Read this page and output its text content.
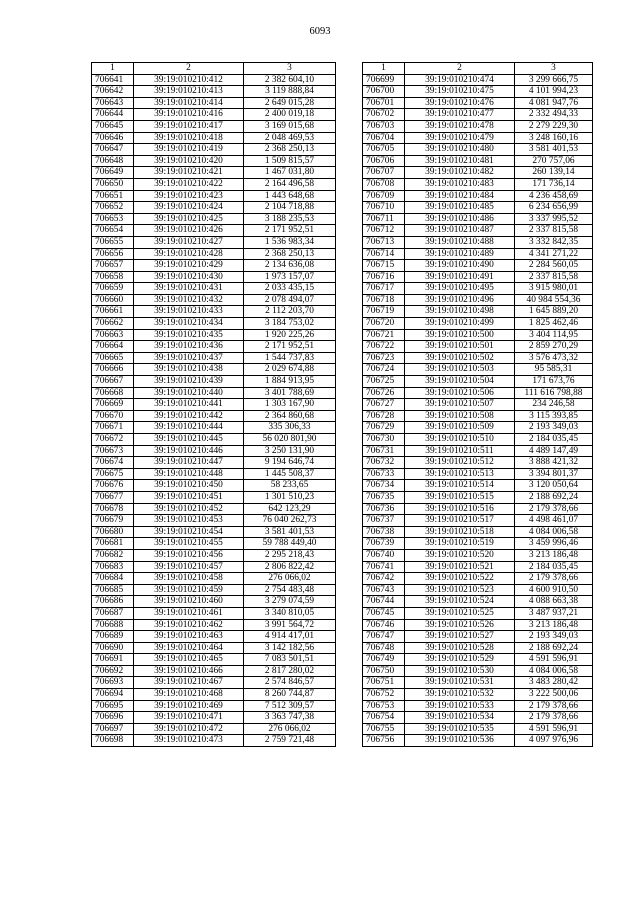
6093
1	2	3
706641	39:19:010210:412	2 382 604,10
706642	39:19:010210:413	3 119 888,84
706643	39:19:010210:414	2 649 015,28
706644	39:19:010210:416	2 400 019,18
706645	39:19:010210:417	3 169 015,68
706646	39:19:010210:418	2 048 469,53
706647	39:19:010210:419	2 368 250,13
706648	39:19:010210:420	1 509 815,57
706649	39:19:010210:421	1 467 031,80
706650	39:19:010210:422	2 164 496,58
706651	39:19:010210:423	1 443 648,68
706652	39:19:010210:424	2 104 718,88
706653	39:19:010210:425	3 188 235,53
706654	39:19:010210:426	2 171 952,51
706655	39:19:010210:427	1 536 983,34
706656	39:19:010210:428	2 368 250,13
706657	39:19:010210:429	2 134 636,08
706658	39:19:010210:430	1 973 157,07
706659	39:19:010210:431	2 033 435,15
706660	39:19:010210:432	2 078 494,07
706661	39:19:010210:433	2 112 203,70
706662	39:19:010210:434	3 184 753,02
706663	39:19:010210:435	1 920 225,26
706664	39:19:010210:436	2 171 952,51
706665	39:19:010210:437	1 544 737,83
706666	39:19:010210:438	2 029 674,88
706667	39:19:010210:439	1 884 913,95
706668	39:19:010210:440	3 401 788,69
706669	39:19:010210:441	1 303 167,90
706670	39:19:010210:442	2 364 860,68
706671	39:19:010210:444	335 306,33
706672	39:19:010210:445	56 020 801,90
706673	39:19:010210:446	3 250 131,90
706674	39:19:010210:447	9 194 646,74
706675	39:19:010210:448	1 445 508,37
706676	39:19:010210:450	58 233,65
706677	39:19:010210:451	1 301 510,23
706678	39:19:010210:452	642 123,29
706679	39:19:010210:453	76 040 262,73
706680	39:19:010210:454	3 581 401,53
706681	39:19:010210:455	59 788 449,40
706682	39:19:010210:456	2 295 218,43
706683	39:19:010210:457	2 806 822,42
706684	39:19:010210:458	276 066,02
706685	39:19:010210:459	2 754 483,48
706686	39:19:010210:460	3 279 074,59
706687	39:19:010210:461	3 340 810,05
706688	39:19:010210:462	3 991 564,72
706689	39:19:010210:463	4 914 417,01
706690	39:19:010210:464	3 142 182,56
706691	39:19:010210:465	7 083 501,51
706692	39:19:010210:466	2 817 280,02
706693	39:19:010210:467	2 574 846,57
706694	39:19:010210:468	8 260 744,87
706695	39:19:010210:469	7 512 309,57
706696	39:19:010210:471	3 363 747,38
706697	39:19:010210:472	276 066,02
706698	39:19:010210:473	2 759 721,48
1	2	3
706699	39:19:010210:474	3 299 666,75
706700	39:19:010210:475	4 101 994,23
706701	39:19:010210:476	4 081 947,76
706702	39:19:010210:477	2 332 494,33
706703	39:19:010210:478	2 279 229,30
706704	39:19:010210:479	3 248 160,16
706705	39:19:010210:480	3 581 401,53
706706	39:19:010210:481	270 757,06
706707	39:19:010210:482	260 139,14
706708	39:19:010210:483	171 736,14
706709	39:19:010210:484	4 236 458,69
706710	39:19:010210:485	6 234 656,99
706711	39:19:010210:486	3 337 995,52
706712	39:19:010210:487	2 337 815,58
706713	39:19:010210:488	3 332 842,35
706714	39:19:010210:489	4 341 271,22
706715	39:19:010210:490	2 284 560,05
706716	39:19:010210:491	2 337 815,58
706717	39:19:010210:495	3 915 980,01
706718	39:19:010210:496	40 984 554,36
706719	39:19:010210:498	1 645 889,20
706720	39:19:010210:499	1 825 462,46
706721	39:19:010210:500	3 404 114,95
706722	39:19:010210:501	2 859 270,29
706723	39:19:010210:502	3 576 473,32
706724	39:19:010210:503	95 585,31
706725	39:19:010210:504	171 673,76
706726	39:19:010210:506	111 616 798,88
706727	39:19:010210:507	234 246,58
706728	39:19:010210:508	3 115 393,85
706729	39:19:010210:509	2 193 349,03
706730	39:19:010210:510	2 184 035,45
706731	39:19:010210:511	4 489 147,49
706732	39:19:010210:512	3 888 421,32
706733	39:19:010210:513	3 394 801,37
706734	39:19:010210:514	3 120 050,64
706735	39:19:010210:515	2 188 692,24
706736	39:19:010210:516	2 179 378,66
706737	39:19:010210:517	4 498 461,07
706738	39:19:010210:518	4 084 006,58
706739	39:19:010210:519	3 459 996,46
706740	39:19:010210:520	3 213 186,48
706741	39:19:010210:521	2 184 035,45
706742	39:19:010210:522	2 179 378,66
706743	39:19:010210:523	4 600 910,50
706744	39:19:010210:524	4 088 663,38
706745	39:19:010210:525	3 487 937,21
706746	39:19:010210:526	3 213 186,48
706747	39:19:010210:527	2 193 349,03
706748	39:19:010210:528	2 188 692,24
706749	39:19:010210:529	4 591 596,91
706750	39:19:010210:530	4 084 006,58
706751	39:19:010210:531	3 483 280,42
706752	39:19:010210:532	3 222 500,06
706753	39:19:010210:533	2 179 378,66
706754	39:19:010210:534	2 179 378,66
706755	39:19:010210:535	4 591 596,91
706756	39:19:010210:536	4 097 976,96
